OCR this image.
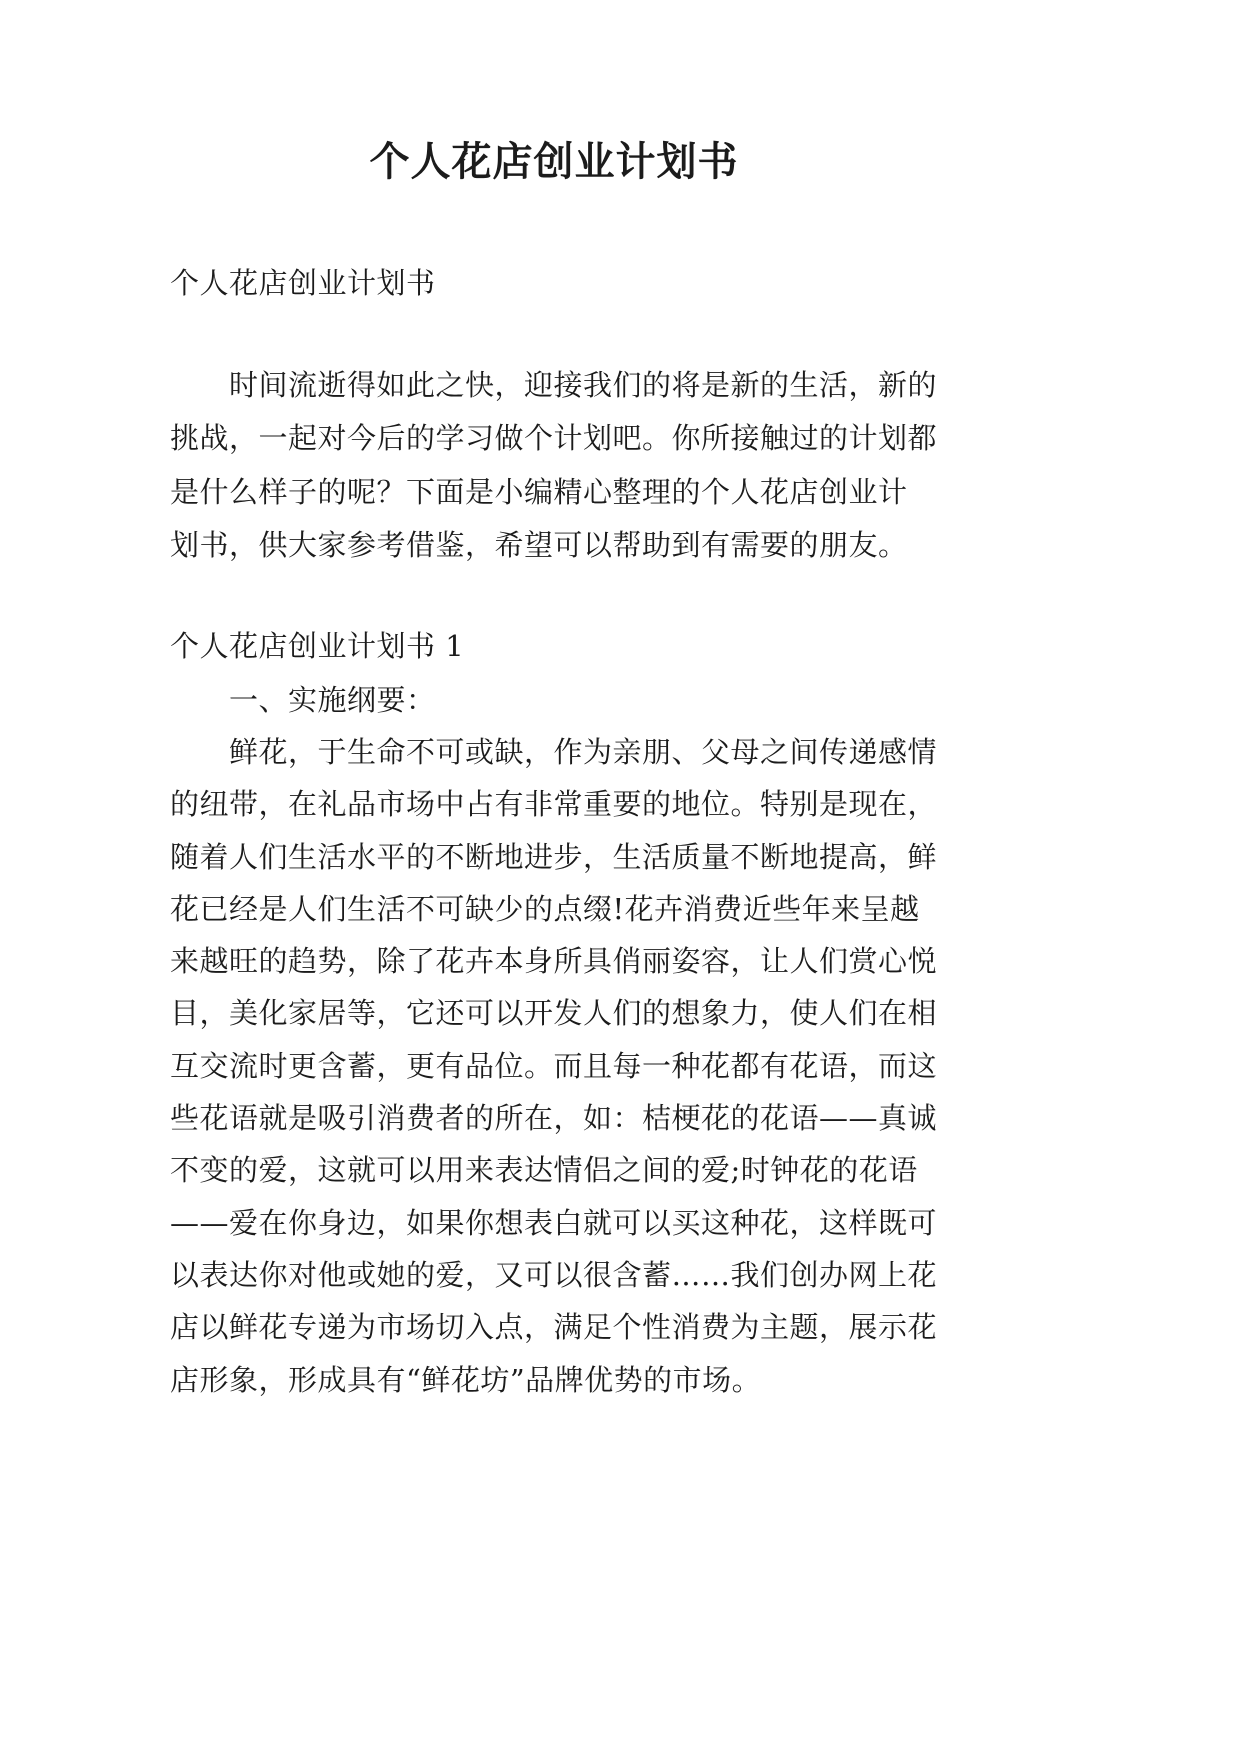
个人花店创业计划书
个人花店创业计划书
时间流逝得如此之快，迎接我们的将是新的生活，新的
挑战，一起对今后的学习做个计划吧。你所接触过的计划都
是什么样子的呢？下面是小编精心整理的个人花店创业计
划书，供大家参考借鉴，希望可以帮助到有需要的朋友。
个人花店创业计划书 1
一、实施纲要：
鲜花，于生命不可或缺，作为亲朋、父母之间传递感情
的纽带，在礼品市场中占有非常重要的地位。特别是现在，
随着人们生活水平的不断地进步，生活质量不断地提高，鲜
花已经是人们生活不可缺少的点缀!花卉消费近些年来呈越
来越旺的趋势，除了花卉本身所具俏丽姿容，让人们赏心悦
目，美化家居等，它还可以开发人们的想象力，使人们在相
互交流时更含蓄，更有品位。而且每一种花都有花语，而这
些花语就是吸引消费者的所在，如：桔梗花的花语——真诚
不变的爱，这就可以用来表达情侣之间的爱;时钟花的花语
——爱在你身边，如果你想表白就可以买这种花，这样既可
以表达你对他或她的爱，又可以很含蓄……我们创办网上花
店以鲜花专递为市场切入点，满足个性消费为主题，展示花
店形象，形成具有“鲜花坊”品牌优势的市场。
